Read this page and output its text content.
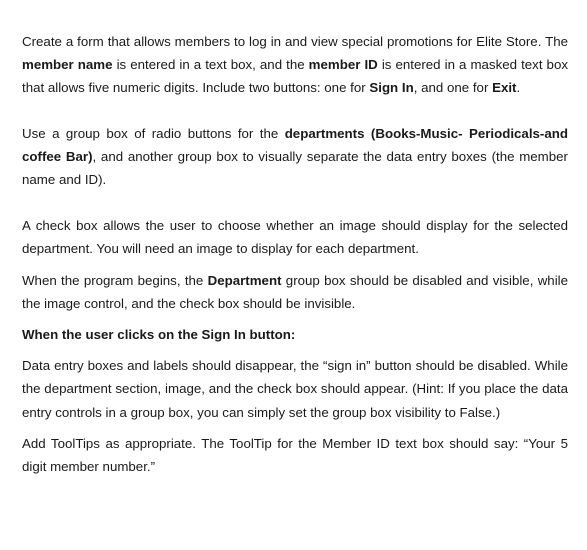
Create a form that allows members to log in and view special promotions for Elite Store. The member name is entered in a text box, and the member ID is entered in a masked text box that allows five numeric digits. Include two buttons: one for Sign In, and one for Exit.

Use a group box of radio buttons for the departments (Books-Music- Periodicals-and coffee Bar), and another group box to visually separate the data entry boxes (the member name and ID).

A check box allows the user to choose whether an image should display for the selected department. You will need an image to display for each department.

When the program begins, the Department group box should be disabled and visible, while the image control, and the check box should be invisible.

When the user clicks on the Sign In button:

Data entry boxes and labels should disappear, the “sign in” button should be disabled. While the department section, image, and the check box should appear. (Hint: If you place the data entry controls in a group box, you can simply set the group box visibility to False.)

Add ToolTips as appropriate. The ToolTip for the Member ID text box should say: “Your 5 digit member number.”
